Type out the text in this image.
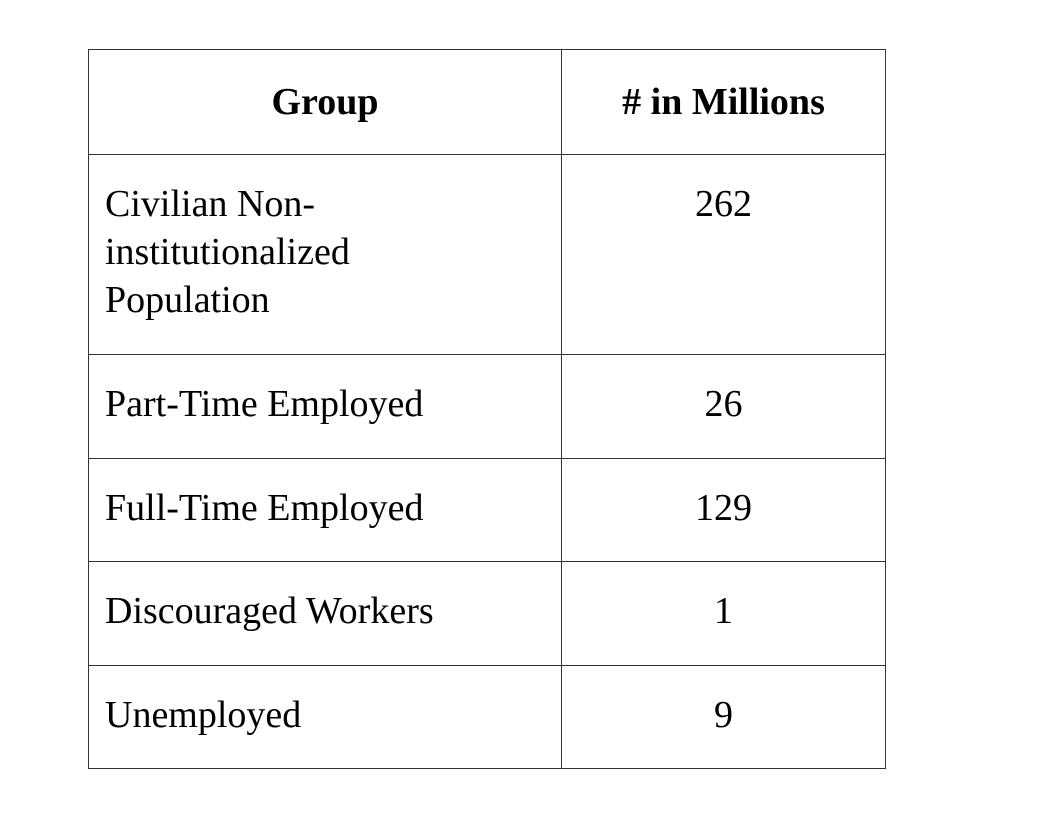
Group	# in Millions

Civilian Non-
institutionalized
Population	262
Part-Time Employed	26
Full-Time Employed	129
Discouraged Workers	1
Unemployed	9
